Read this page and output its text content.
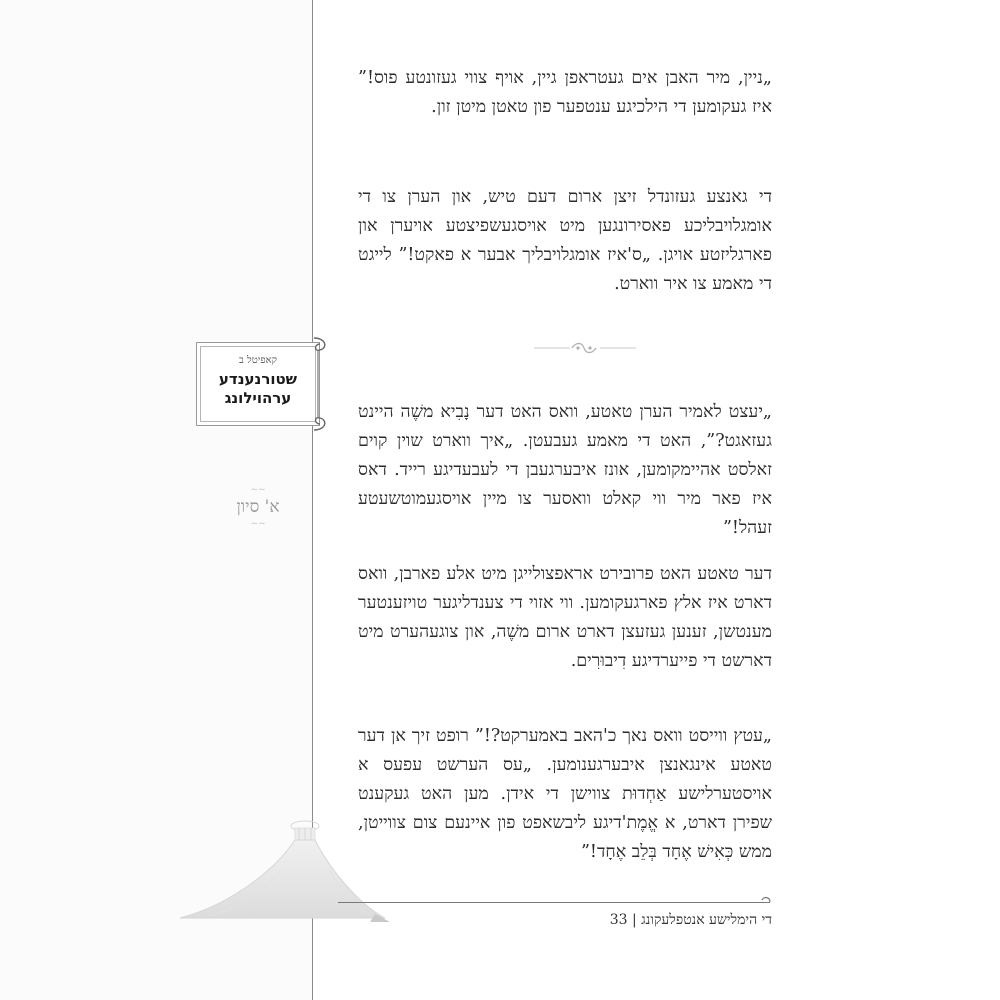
„ניין, מיר האבן אים געטראפן גיין, אויף צווי געזונטע פוס!” איז געקומען די הילכיגע ענטפער פון טאטן מיטן זון.

די גאנצע געזונדל זיצן ארום דעם טיש, און הערן צו די אומגלויבליכע פאסירונגען מיט אויסגעשפיצטע אויערן און פארגליזטע אויגן. „ס'איז אומגלויבליך אבער א פאקט!” לייגט די מאמע צו איר ווארט.

„יעצט לאמיר הערן טאטע, וואס האט דער נָבִיא משֶׁה היינט געזאגט?”, האט די מאמע געבעטן. „איך ווארט שוין קוים זאלסט אהיימקומען, אונז איבערגעבן די לעבעדיגע רייד. דאס איז פאר מיר ווי קאלט וואסער צו מיין אויסגעמוטשעטע זעהל!”

דער טאטע האט פרובירט אראפצולייגן מיט אלע פארבן, וואס דארט איז אלץ פארגעקומען. ווי אזוי די צענדליגער טויזענטער מענטשן, זענען געזעצן דארט ארום משֶׁה, און צוגעהערט מיט דארשט די פייערדיגע דִיבוּרִים.

„עטץ ווייסט וואס נאך כ'האב באמערקט?!” רופט זיך אן דער טאטע אינגאנצן איבערגענומען. „עס הערשט עפעס א אויסטערלישע אַחְדוּת צווישן די אידן. מען האט געקענט שפירן דארט, א אֱמֶת'דיגע ליבשאפט פון איינעם צום צווייטן, ממש כְּאִישׁ אֶחָד בְּלֵב אֶחָד!”

קאפיטל ב
שטורנענדע ערהוילונג
~~
א' סיון
~~
די הימלישע אנטפלעקונג | 33
